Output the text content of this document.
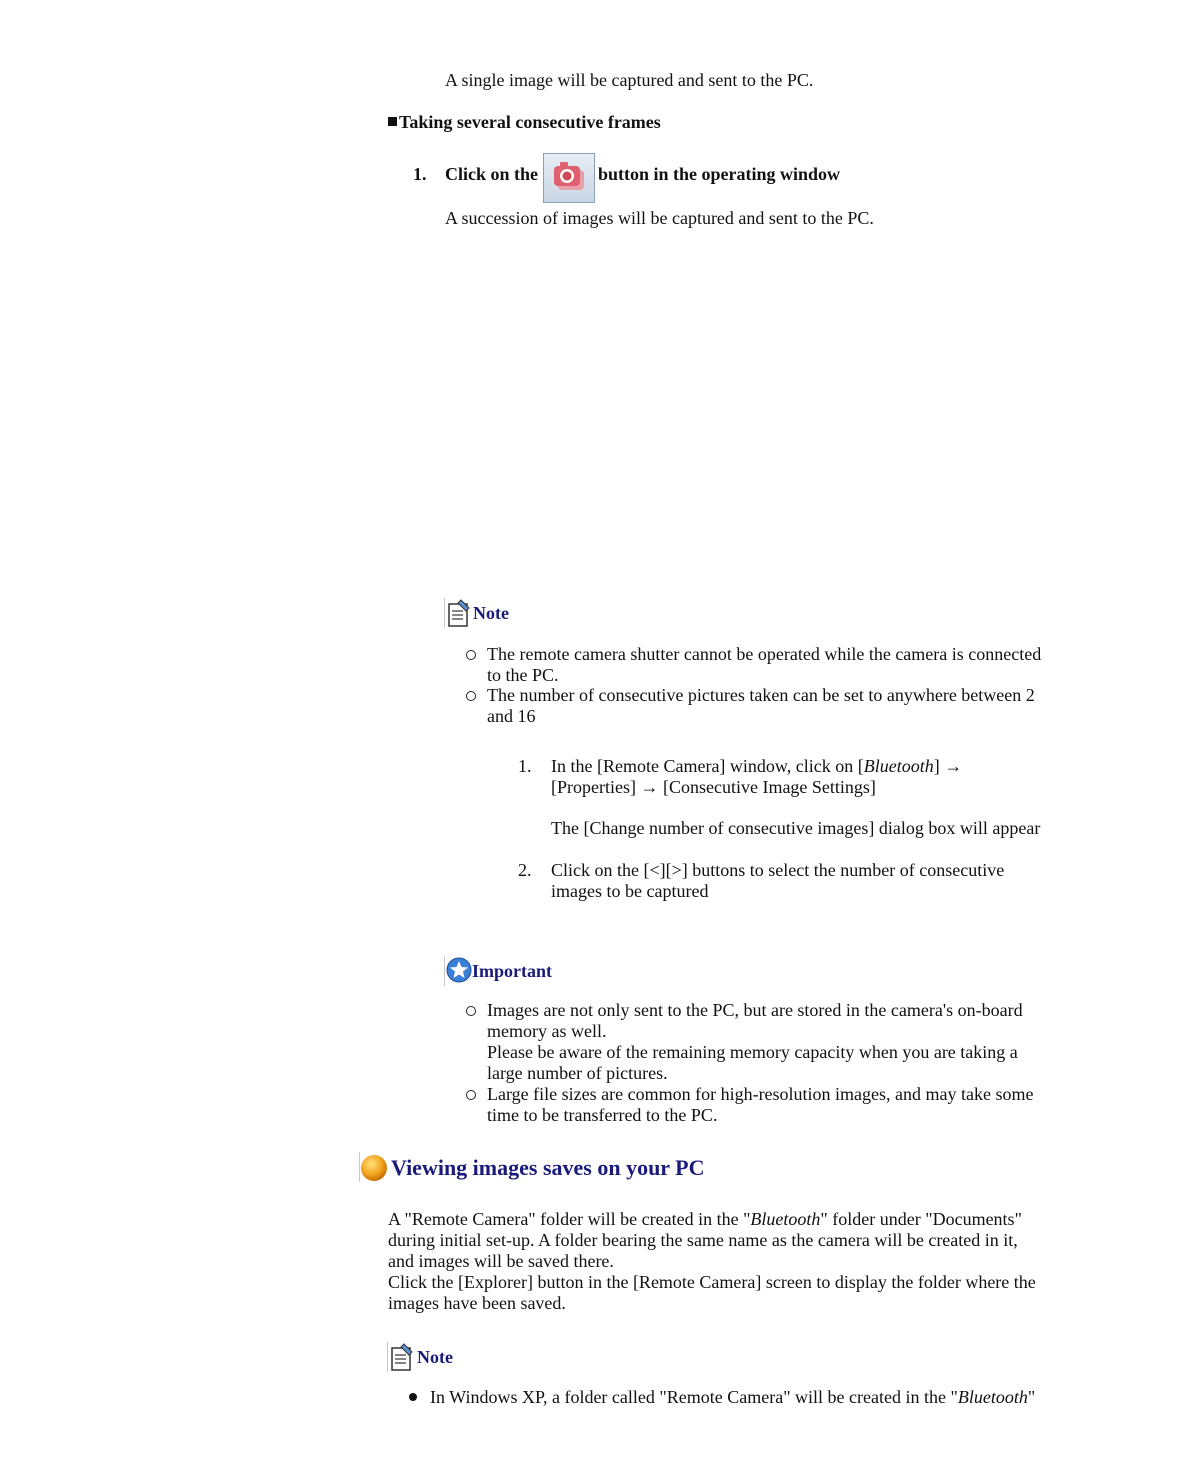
A single image will be captured and sent to the PC.
Taking several consecutive frames
1. Click on the	button in the operating window
A succession of images will be captured and sent to the PC.
Note
The remote camera shutter cannot be operated while the camera is connected
to the PC.
The number of consecutive pictures taken can be set to anywhere between 2
and 16
1. In the [Remote Camera] window, click on [Bluetooth] →
[Properties] → [Consecutive Image Settings]
The [Change number of consecutive images] dialog box will appear
2. Click on the [<][>] buttons to select the number of consecutive
images to be captured
Important
Images are not only sent to the PC, but are stored in the camera's on-board
memory as well.
Please be aware of the remaining memory capacity when you are taking a
large number of pictures.
Large file sizes are common for high-resolution images, and may take some
time to be transferred to the PC.
Viewing images saves on your PC
A "Remote Camera" folder will be created in the "Bluetooth" folder under "Documents"
during initial set-up. A folder bearing the same name as the camera will be created in it,
and images will be saved there.
Click the [Explorer] button in the [Remote Camera] screen to display the folder where the
images have been saved.
Note
In Windows XP, a folder called "Remote Camera" will be created in the "Bluetooth"
